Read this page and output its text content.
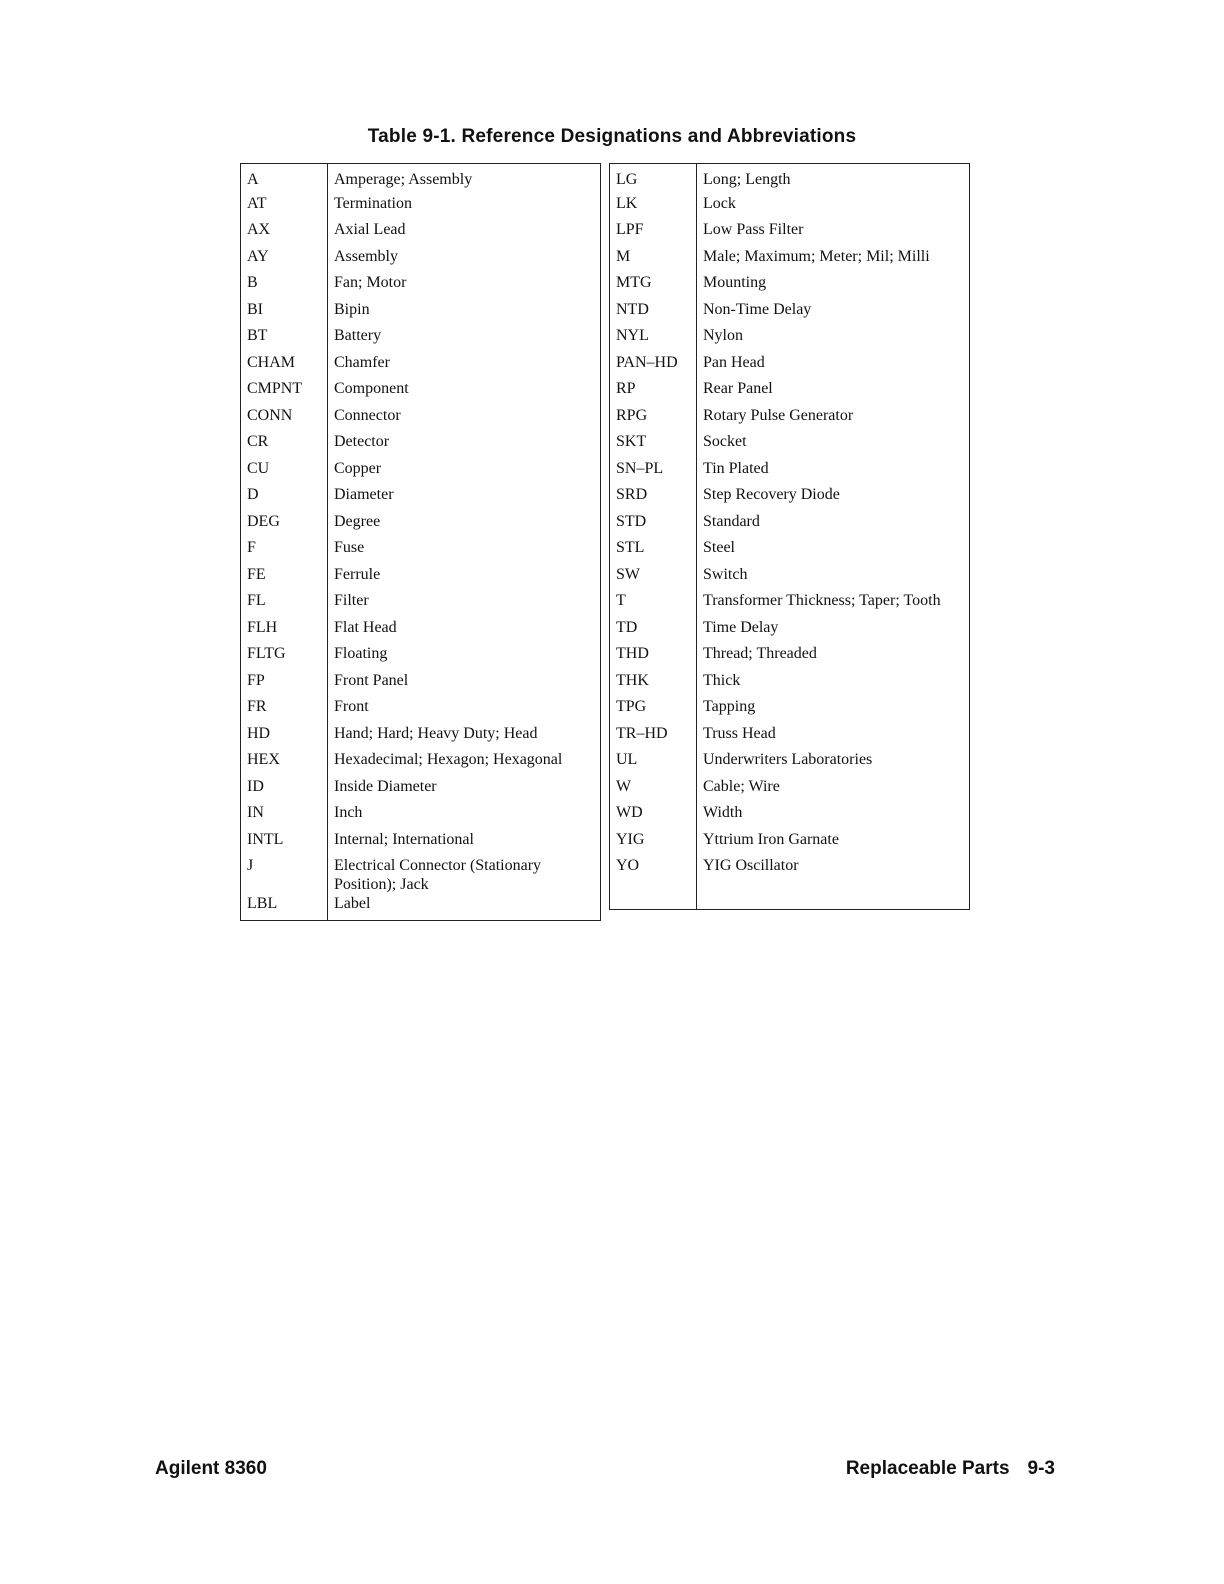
Table 9-1. Reference Designations and Abbreviations
A	Amperage; Assembly
AT	Termination
AX	Axial Lead
AY	Assembly
B	Fan; Motor
BI	Bipin
BT	Battery
CHAM	Chamfer
CMPNT	Component
CONN	Connector
CR	Detector
CU	Copper
D	Diameter
DEG	Degree
F	Fuse
FE	Ferrule
FL	Filter
FLH	Flat Head
FLTG	Floating
FP	Front Panel
FR	Front
HD	Hand; Hard; Heavy Duty; Head
HEX	Hexadecimal; Hexagon; Hexagonal
ID	Inside Diameter
IN	Inch
INTL	Internal; International
J	Electrical Connector (Stationary Position); Jack
LBL	Label
LG	Long; Length
LK	Lock
LPF	Low Pass Filter
M	Male; Maximum; Meter; Mil; Milli
MTG	Mounting
NTD	Non-Time Delay
NYL	Nylon
PAN–HD	Pan Head
RP	Rear Panel
RPG	Rotary Pulse Generator
SKT	Socket
SN–PL	Tin Plated
SRD	Step Recovery Diode
STD	Standard
STL	Steel
SW	Switch
T	Transformer Thickness; Taper; Tooth
TD	Time Delay
THD	Thread; Threaded
THK	Thick
TPG	Tapping
TR–HD	Truss Head
UL	Underwriters Laboratories
W	Cable; Wire
WD	Width
YIG	Yttrium Iron Garnate
YO	YIG Oscillator

Agilent 8360	Replaceable Parts 9-3
